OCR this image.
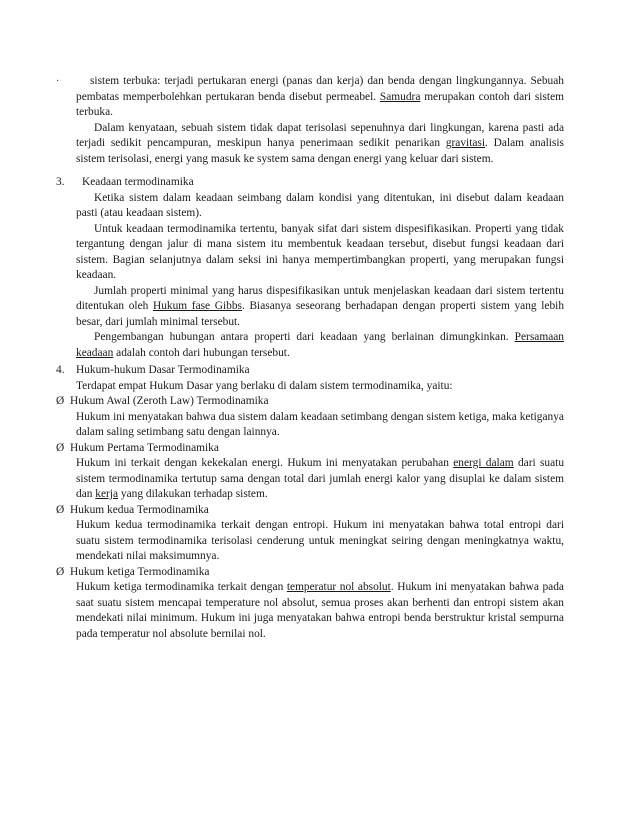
·	sistem terbuka: terjadi pertukaran energi (panas dan kerja) dan benda dengan lingkungannya. Sebuah pembatas memperbolehkan pertukaran benda disebut permeabel. Samudra merupakan contoh dari sistem terbuka.

Dalam kenyataan, sebuah sistem tidak dapat terisolasi sepenuhnya dari lingkungan, karena pasti ada terjadi sedikit pencampuran, meskipun hanya penerimaan sedikit penarikan gravitasi. Dalam analisis sistem terisolasi, energi yang masuk ke system sama dengan energi yang keluar dari sistem.

3.	Keadaan termodinamika

Ketika sistem dalam keadaan seimbang dalam kondisi yang ditentukan, ini disebut dalam keadaan pasti (atau keadaan sistem).

Untuk keadaan termodinamika tertentu, banyak sifat dari sistem dispesifikasikan. Properti yang tidak tergantung dengan jalur di mana sistem itu membentuk keadaan tersebut, disebut fungsi keadaan dari sistem. Bagian selanjutnya dalam seksi ini hanya mempertimbangkan properti, yang merupakan fungsi keadaan.

Jumlah properti minimal yang harus dispesifikasikan untuk menjelaskan keadaan dari sistem tertentu ditentukan oleh Hukum fase Gibbs. Biasanya seseorang berhadapan dengan properti sistem yang lebih besar, dari jumlah minimal tersebut.

Pengembangan hubungan antara properti dari keadaan yang berlainan dimungkinkan. Persamaan keadaan adalah contoh dari hubungan tersebut.

4.	Hukum-hukum Dasar Termodinamika

Terdapat empat Hukum Dasar yang berlaku di dalam sistem termodinamika, yaitu:

Ø Hukum Awal (Zeroth Law) Termodinamika

Hukum ini menyatakan bahwa dua sistem dalam keadaan setimbang dengan sistem ketiga, maka ketiganya dalam saling setimbang satu dengan lainnya.

Ø Hukum Pertama Termodinamika

Hukum ini terkait dengan kekekalan energi. Hukum ini menyatakan perubahan energi dalam dari suatu sistem termodinamika tertutup sama dengan total dari jumlah energi kalor yang disuplai ke dalam sistem dan kerja yang dilakukan terhadap sistem.

Ø Hukum kedua Termodinamika

Hukum kedua termodinamika terkait dengan entropi. Hukum ini menyatakan bahwa total entropi dari suatu sistem termodinamika terisolasi cenderung untuk meningkat seiring dengan meningkatnya waktu, mendekati nilai maksimumnya.

Ø Hukum ketiga Termodinamika

Hukum ketiga termodinamika terkait dengan temperatur nol absolut. Hukum ini menyatakan bahwa pada saat suatu sistem mencapai temperature nol absolut, semua proses akan berhenti dan entropi sistem akan mendekati nilai minimum. Hukum ini juga menyatakan bahwa entropi benda berstruktur kristal sempurna pada temperatur nol absolute bernilai nol.
